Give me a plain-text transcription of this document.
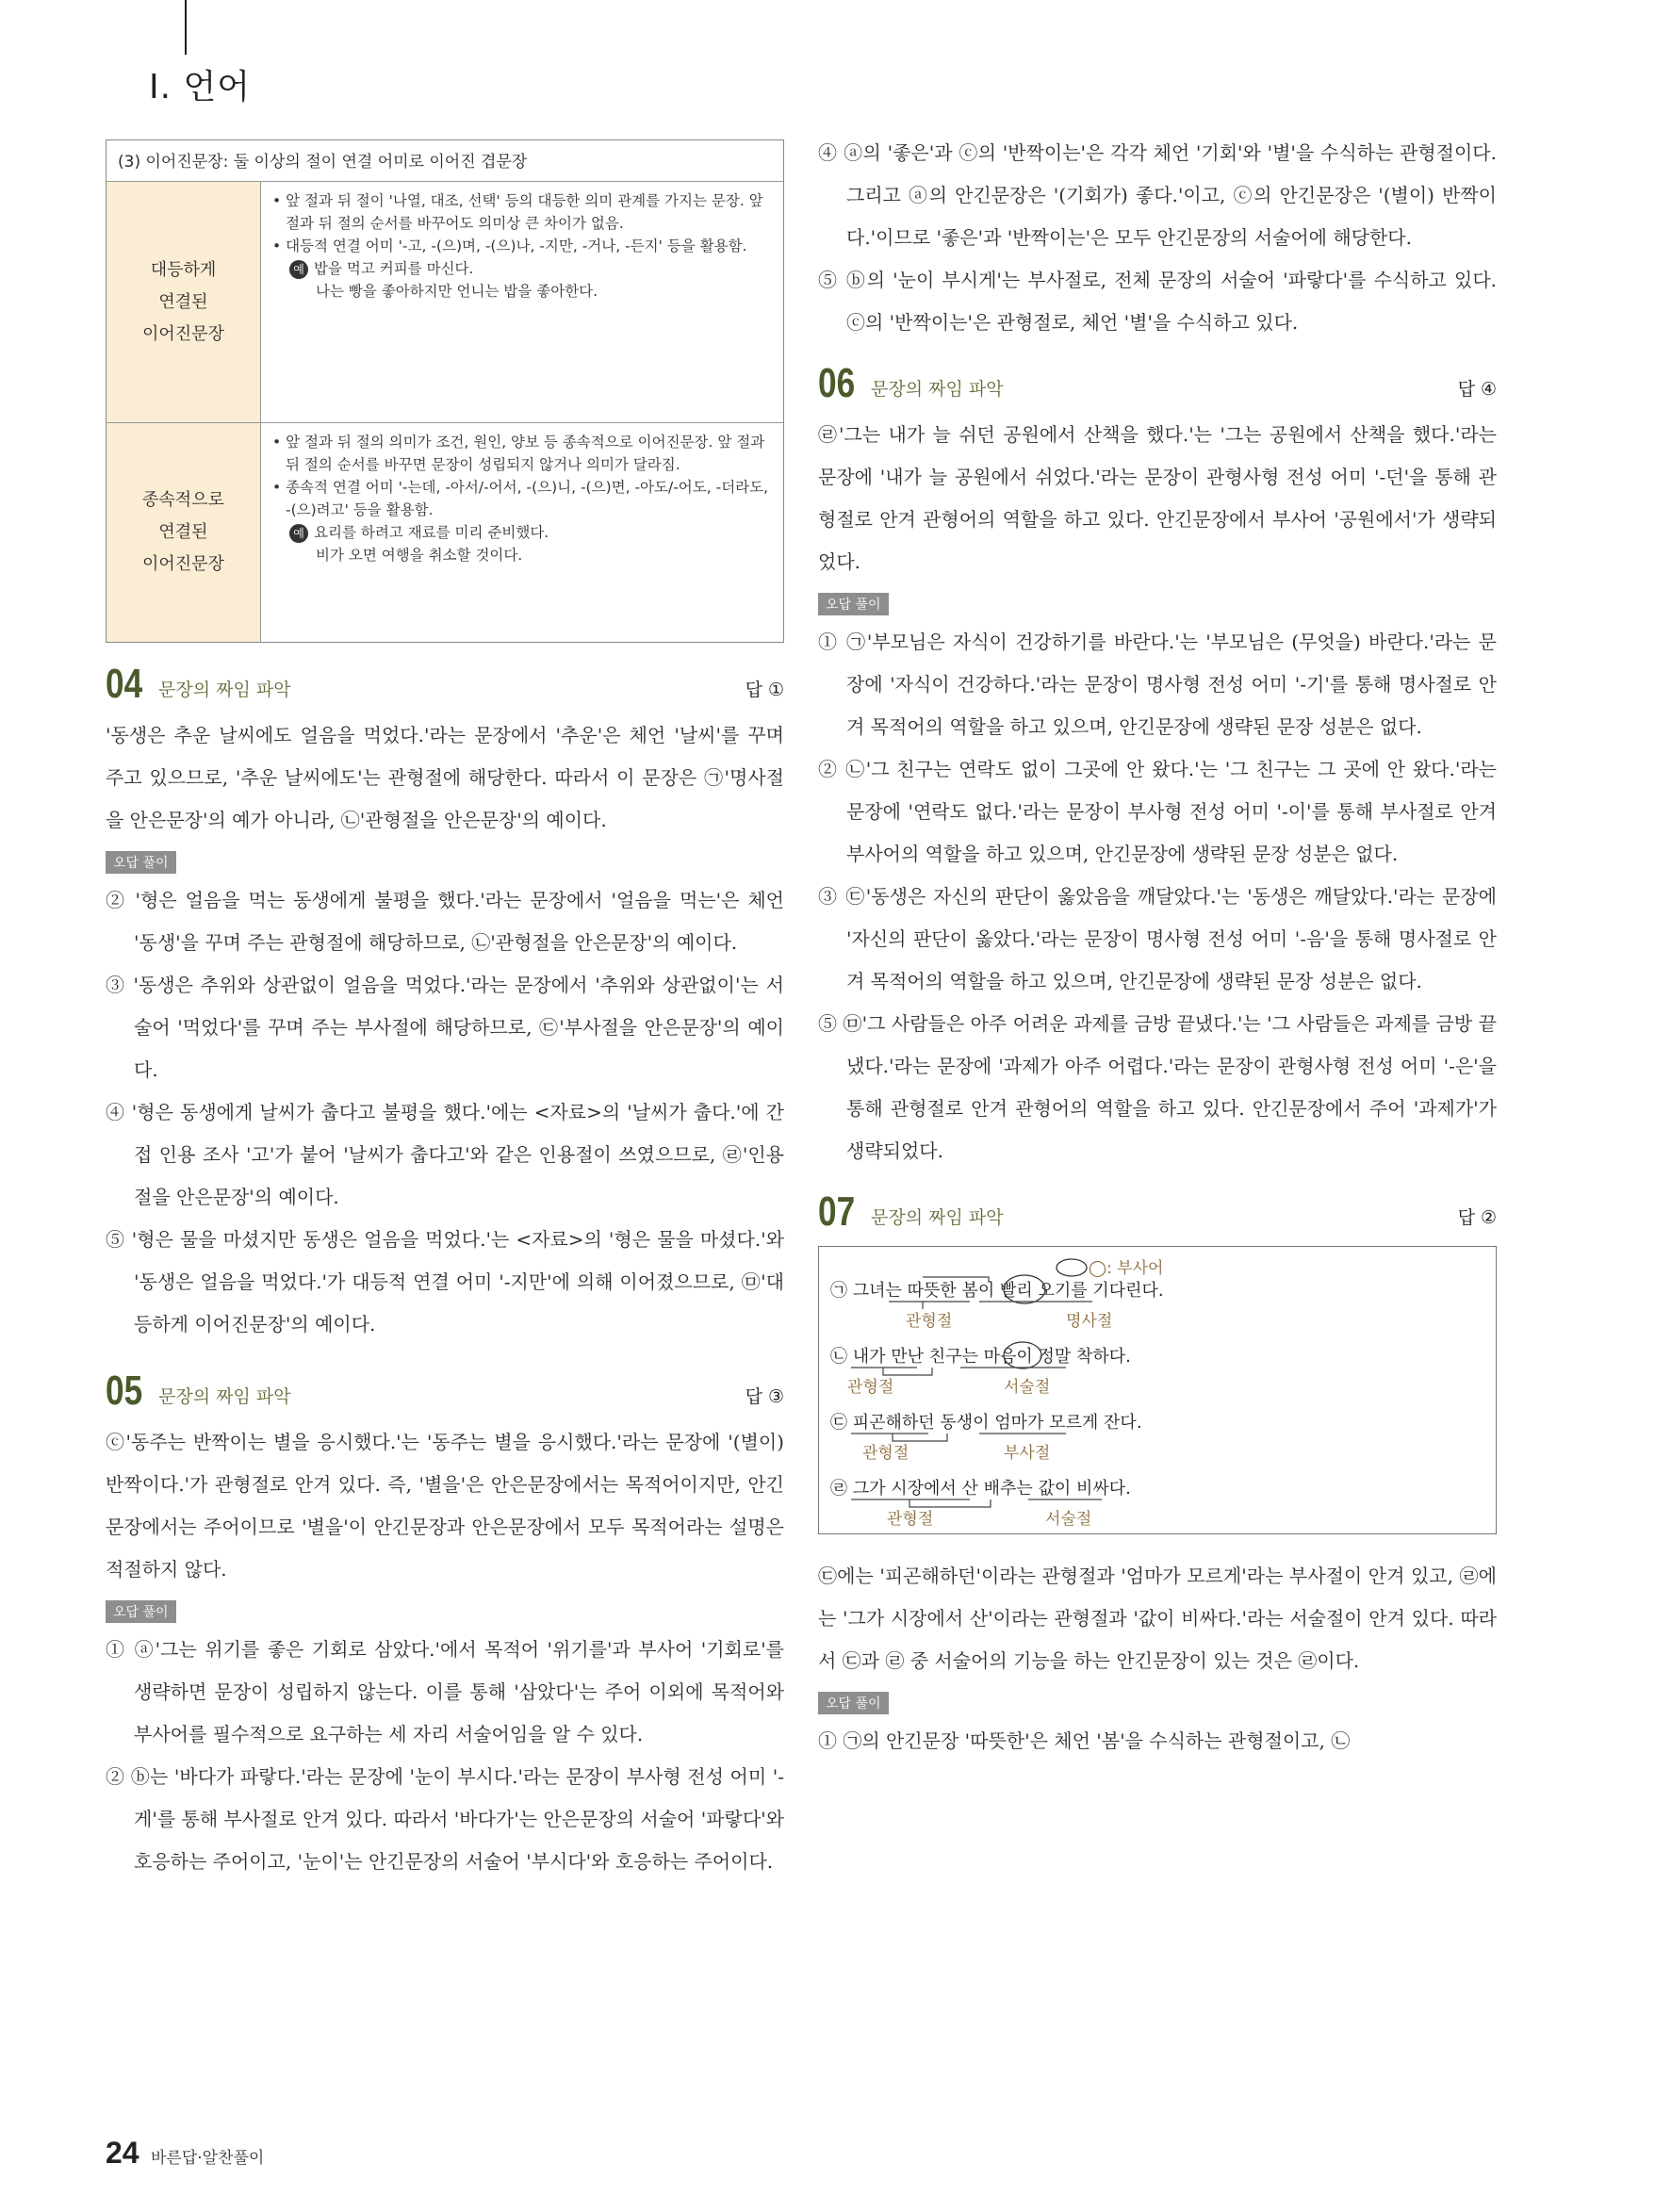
Ⅰ. 언어
(3) 이어진문장: 둘 이상의 절이 연결 어미로 이어진 겹문장
대등하게
연결된
이어진문장
• 앞 절과 뒤 절이 '나열, 대조, 선택' 등의 대등한 의미 관계를 가지는 문장. 앞 절과 뒤 절의 순서를 바꾸어도 의미상 큰 차이가 없음.
• 대등적 연결 어미 '-고, -(으)며, -(으)나, -지만, -거나, -든지' 등을 활용함.
예 밥을 먹고 커피를 마신다.
나는 빵을 좋아하지만 언니는 밥을 좋아한다.
종속적으로
연결된
이어진문장
• 앞 절과 뒤 절의 의미가 조건, 원인, 양보 등 종속적으로 이어진문장. 앞 절과 뒤 절의 순서를 바꾸면 문장이 성립되지 않거나 의미가 달라짐.
• 종속적 연결 어미 '-는데, -아서/-어서, -(으)니, -(으)면, -아도/-어도, -더라도, -(으)려고' 등을 활용함.
예 요리를 하려고 재료를 미리 준비했다.
비가 오면 여행을 취소할 것이다.
04 문장의 짜임 파악	답 ①

'동생은 추운 날씨에도 얼음을 먹었다.'라는 문장에서 '추운'은 체언 '날씨'를 꾸며 주고 있으므로, '추운 날씨에도'는 관형절에 해당한다. 따라서 이 문장은 ㉠'명사절을 안은문장'의 예가 아니라, ㉡'관형절을 안은문장'의 예이다.

오답 풀이

② '형은 얼음을 먹는 동생에게 불평을 했다.'라는 문장에서 '얼음을 먹는'은 체언 '동생'을 꾸며 주는 관형절에 해당하므로, ㉡'관형절을 안은문장'의 예이다.

③ '동생은 추위와 상관없이 얼음을 먹었다.'라는 문장에서 '추위와 상관없이'는 서술어 '먹었다'를 꾸며 주는 부사절에 해당하므로, ㉢'부사절을 안은문장'의 예이다.

④ '형은 동생에게 날씨가 춥다고 불평을 했다.'에는 <자료>의 '날씨가 춥다.'에 간접 인용 조사 '고'가 붙어 '날씨가 춥다고'와 같은 인용절이 쓰였으므로, ㉣'인용절을 안은문장'의 예이다.

⑤ '형은 물을 마셨지만 동생은 얼음을 먹었다.'는 <자료>의 '형은 물을 마셨다.'와 '동생은 얼음을 먹었다.'가 대등적 연결 어미 '-지만'에 의해 이어졌으므로, ㉤'대등하게 이어진문장'의 예이다.

05 문장의 짜임 파악	답 ③

ⓒ'동주는 반짝이는 별을 응시했다.'는 '동주는 별을 응시했다.'라는 문장에 '(별이) 반짝이다.'가 관형절로 안겨 있다. 즉, '별을'은 안은문장에서는 목적어이지만, 안긴문장에서는 주어이므로 '별을'이 안긴문장과 안은문장에서 모두 목적어라는 설명은 적절하지 않다.

오답 풀이

① ⓐ'그는 위기를 좋은 기회로 삼았다.'에서 목적어 '위기를'과 부사어 '기회로'를 생략하면 문장이 성립하지 않는다. 이를 통해 '삼았다'는 주어 이외에 목적어와 부사어를 필수적으로 요구하는 세 자리 서술어임을 알 수 있다.

② ⓑ는 '바다가 파랗다.'라는 문장에 '눈이 부시다.'라는 문장이 부사형 전성 어미 '-게'를 통해 부사절로 안겨 있다. 따라서 '바다가'는 안은문장의 서술어 '파랗다'와 호응하는 주어이고, '눈이'는 안긴문장의 서술어 '부시다'와 호응하는 주어이다.

④ ⓐ의 '좋은'과 ⓒ의 '반짝이는'은 각각 체언 '기회'와 '별'을 수식하는 관형절이다. 그리고 ⓐ의 안긴문장은 '(기회가) 좋다.'이고, ⓒ의 안긴문장은 '(별이) 반짝이다.'이므로 '좋은'과 '반짝이는'은 모두 안긴문장의 서술어에 해당한다.

⑤ ⓑ의 '눈이 부시게'는 부사절로, 전체 문장의 서술어 '파랗다'를 수식하고 있다. ⓒ의 '반짝이는'은 관형절로, 체언 '별'을 수식하고 있다.

06 문장의 짜임 파악	답 ④

㉣'그는 내가 늘 쉬던 공원에서 산책을 했다.'는 '그는 공원에서 산책을 했다.'라는 문장에 '내가 늘 공원에서 쉬었다.'라는 문장이 관형사형 전성 어미 '-던'을 통해 관형절로 안겨 관형어의 역할을 하고 있다. 안긴문장에서 부사어 '공원에서'가 생략되었다.

오답 풀이

① ㉠'부모님은 자식이 건강하기를 바란다.'는 '부모님은 (무엇을) 바란다.'라는 문장에 '자식이 건강하다.'라는 문장이 명사형 전성 어미 '-기'를 통해 명사절로 안겨 목적어의 역할을 하고 있으며, 안긴문장에 생략된 문장 성분은 없다.

② ㉡'그 친구는 연락도 없이 그곳에 안 왔다.'는 '그 친구는 그 곳에 안 왔다.'라는 문장에 '연락도 없다.'라는 문장이 부사형 전성 어미 '-이'를 통해 부사절로 안겨 부사어의 역할을 하고 있으며, 안긴문장에 생략된 문장 성분은 없다.

③ ㉢'동생은 자신의 판단이 옳았음을 깨달았다.'는 '동생은 깨달았다.'라는 문장에 '자신의 판단이 옳았다.'라는 문장이 명사형 전성 어미 '-음'을 통해 명사절로 안겨 목적어의 역할을 하고 있으며, 안긴문장에 생략된 문장 성분은 없다.

⑤ ㉤'그 사람들은 아주 어려운 과제를 금방 끝냈다.'는 '그 사람들은 과제를 금방 끝냈다.'라는 문장에 '과제가 아주 어렵다.'라는 문장이 관형사형 전성 어미 '-은'을 통해 관형절로 안겨 관형어의 역할을 하고 있다. 안긴문장에서 주어 '과제가'가 생략되었다.

07 문장의 짜임 파악	답 ②
◯: 부사어
㉠ 그녀는 따뜻한 봄이 빨리 오기를 기다린다.
관형절	명사절
㉡ 내가 만난 친구는 마음이 정말 착하다.
관형절	서술절
㉢ 피곤해하던 동생이 엄마가 모르게 잔다.
관형절	부사절
㉣ 그가 시장에서 산 배추는 값이 비싸다.
관형절	서술절

㉢에는 '피곤해하던'이라는 관형절과 '엄마가 모르게'라는 부사절이 안겨 있고, ㉣에는 '그가 시장에서 산'이라는 관형절과 '값이 비싸다.'라는 서술절이 안겨 있다. 따라서 ㉢과 ㉣ 중 서술어의 기능을 하는 안긴문장이 있는 것은 ㉣이다.

오답 풀이

① ㉠의 안긴문장 '따뜻한'은 체언 '봄'을 수식하는 관형절이고, ㉡

24 바른답·알찬풀이
